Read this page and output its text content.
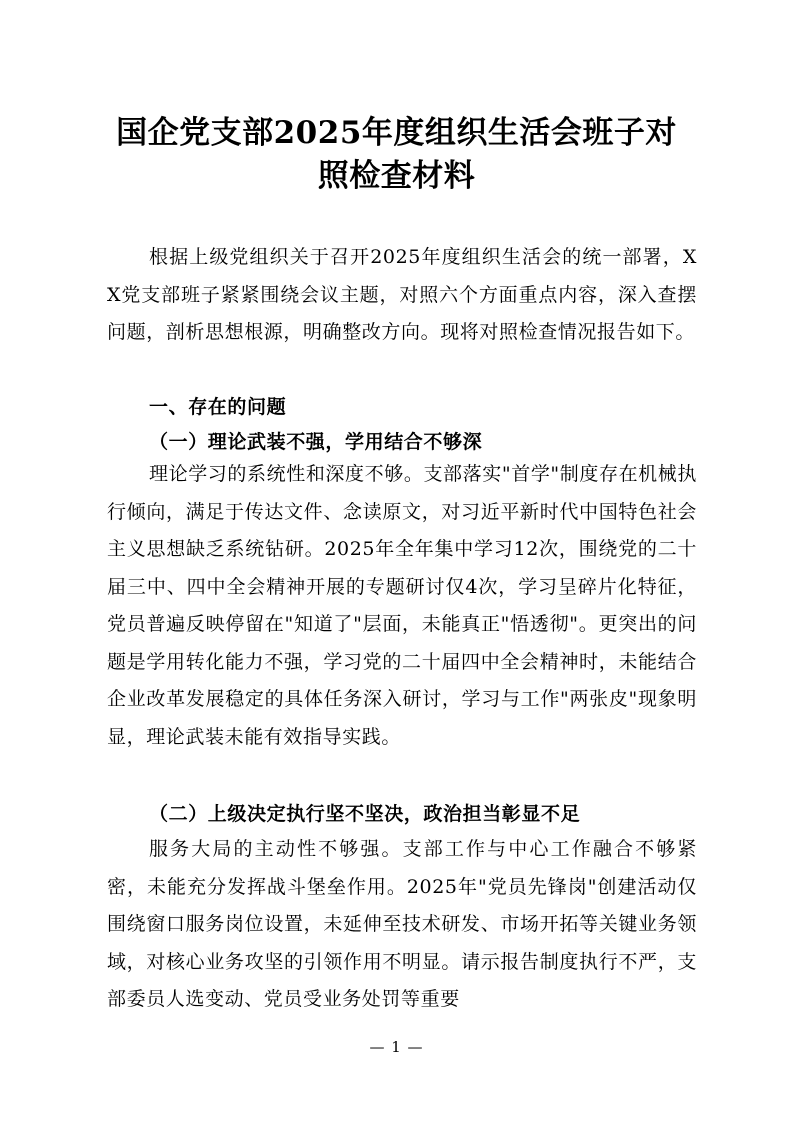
国企党支部2025年度组织生活会班子对
照检查材料
根据上级党组织关于召开2025年度组织生活会的统一部署，XX党支部班子紧紧围绕会议主题，对照六个方面重点内容，深入查摆问题，剖析思想根源，明确整改方向。现将对照检查情况报告如下。
一、存在的问题
（一）理论武装不强，学用结合不够深
理论学习的系统性和深度不够。支部落实"首学"制度存在机械执行倾向，满足于传达文件、念读原文，对习近平新时代中国特色社会主义思想缺乏系统钻研。2025年全年集中学习12次，围绕党的二十届三中、四中全会精神开展的专题研讨仅4次，学习呈碎片化特征，党员普遍反映停留在"知道了"层面，未能真正"悟透彻"。更突出的问题是学用转化能力不强，学习党的二十届四中全会精神时，未能结合企业改革发展稳定的具体任务深入研讨，学习与工作"两张皮"现象明显，理论武装未能有效指导实践。
（二）上级决定执行坚不坚决，政治担当彰显不足
服务大局的主动性不够强。支部工作与中心工作融合不够紧密，未能充分发挥战斗堡垒作用。2025年"党员先锋岗"创建活动仅围绕窗口服务岗位设置，未延伸至技术研发、市场开拓等关键业务领域，对核心业务攻坚的引领作用不明显。请示报告制度执行不严，支部委员人选变动、党员受业务处罚等重要
— 1 —
